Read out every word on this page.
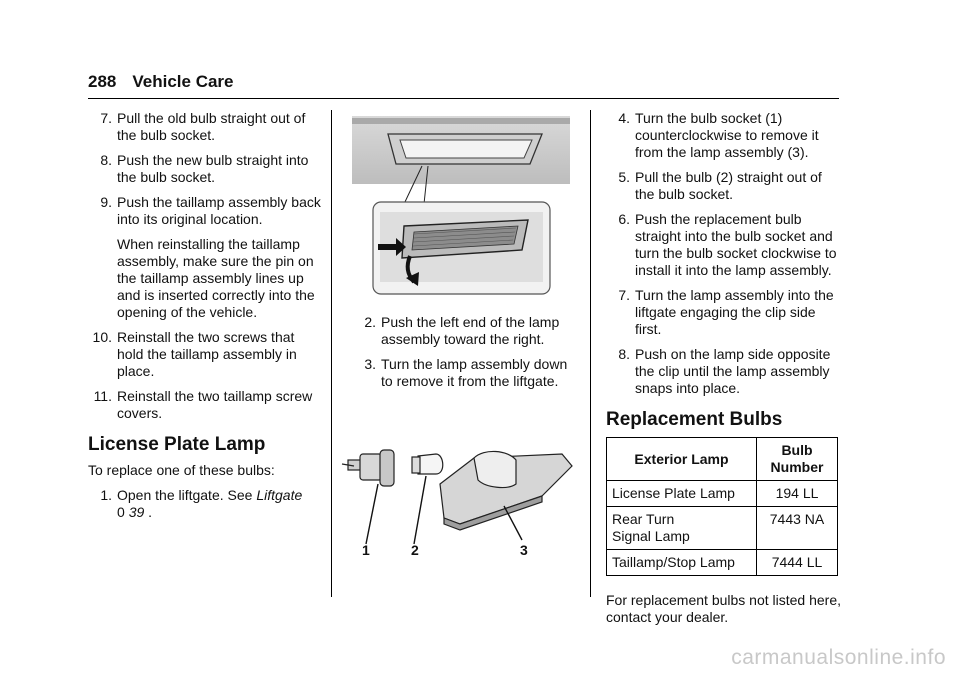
288 Vehicle Care
7. Pull the old bulb straight out of the bulb socket.
8. Push the new bulb straight into the bulb socket.
9. Push the taillamp assembly back into its original location.
When reinstalling the taillamp assembly, make sure the pin on the taillamp assembly lines up and is inserted correctly into the opening of the vehicle.
10. Reinstall the two screws that hold the taillamp assembly in place.
11. Reinstall the two taillamp screw covers.
License Plate Lamp
To replace one of these bulbs:
1. Open the liftgate. See Liftgate
0 39 .
2. Push the left end of the lamp assembly toward the right.
3. Turn the lamp assembly down to remove it from the liftgate.
1	2	3
4. Turn the bulb socket (1) counterclockwise to remove it from the lamp assembly (3).
5. Pull the bulb (2) straight out of the bulb socket.
6. Push the replacement bulb straight into the bulb socket and turn the bulb socket clockwise to install it into the lamp assembly.
7. Turn the lamp assembly into the liftgate engaging the clip side first.
8. Push on the lamp side opposite the clip until the lamp assembly snaps into place.
Replacement Bulbs
Exterior Lamp	Bulb Number
License Plate Lamp	194 LL
Rear Turn Signal Lamp	7443 NA
Taillamp/Stop Lamp	7444 LL
For replacement bulbs not listed here, contact your dealer.
carmanualsonline.info
